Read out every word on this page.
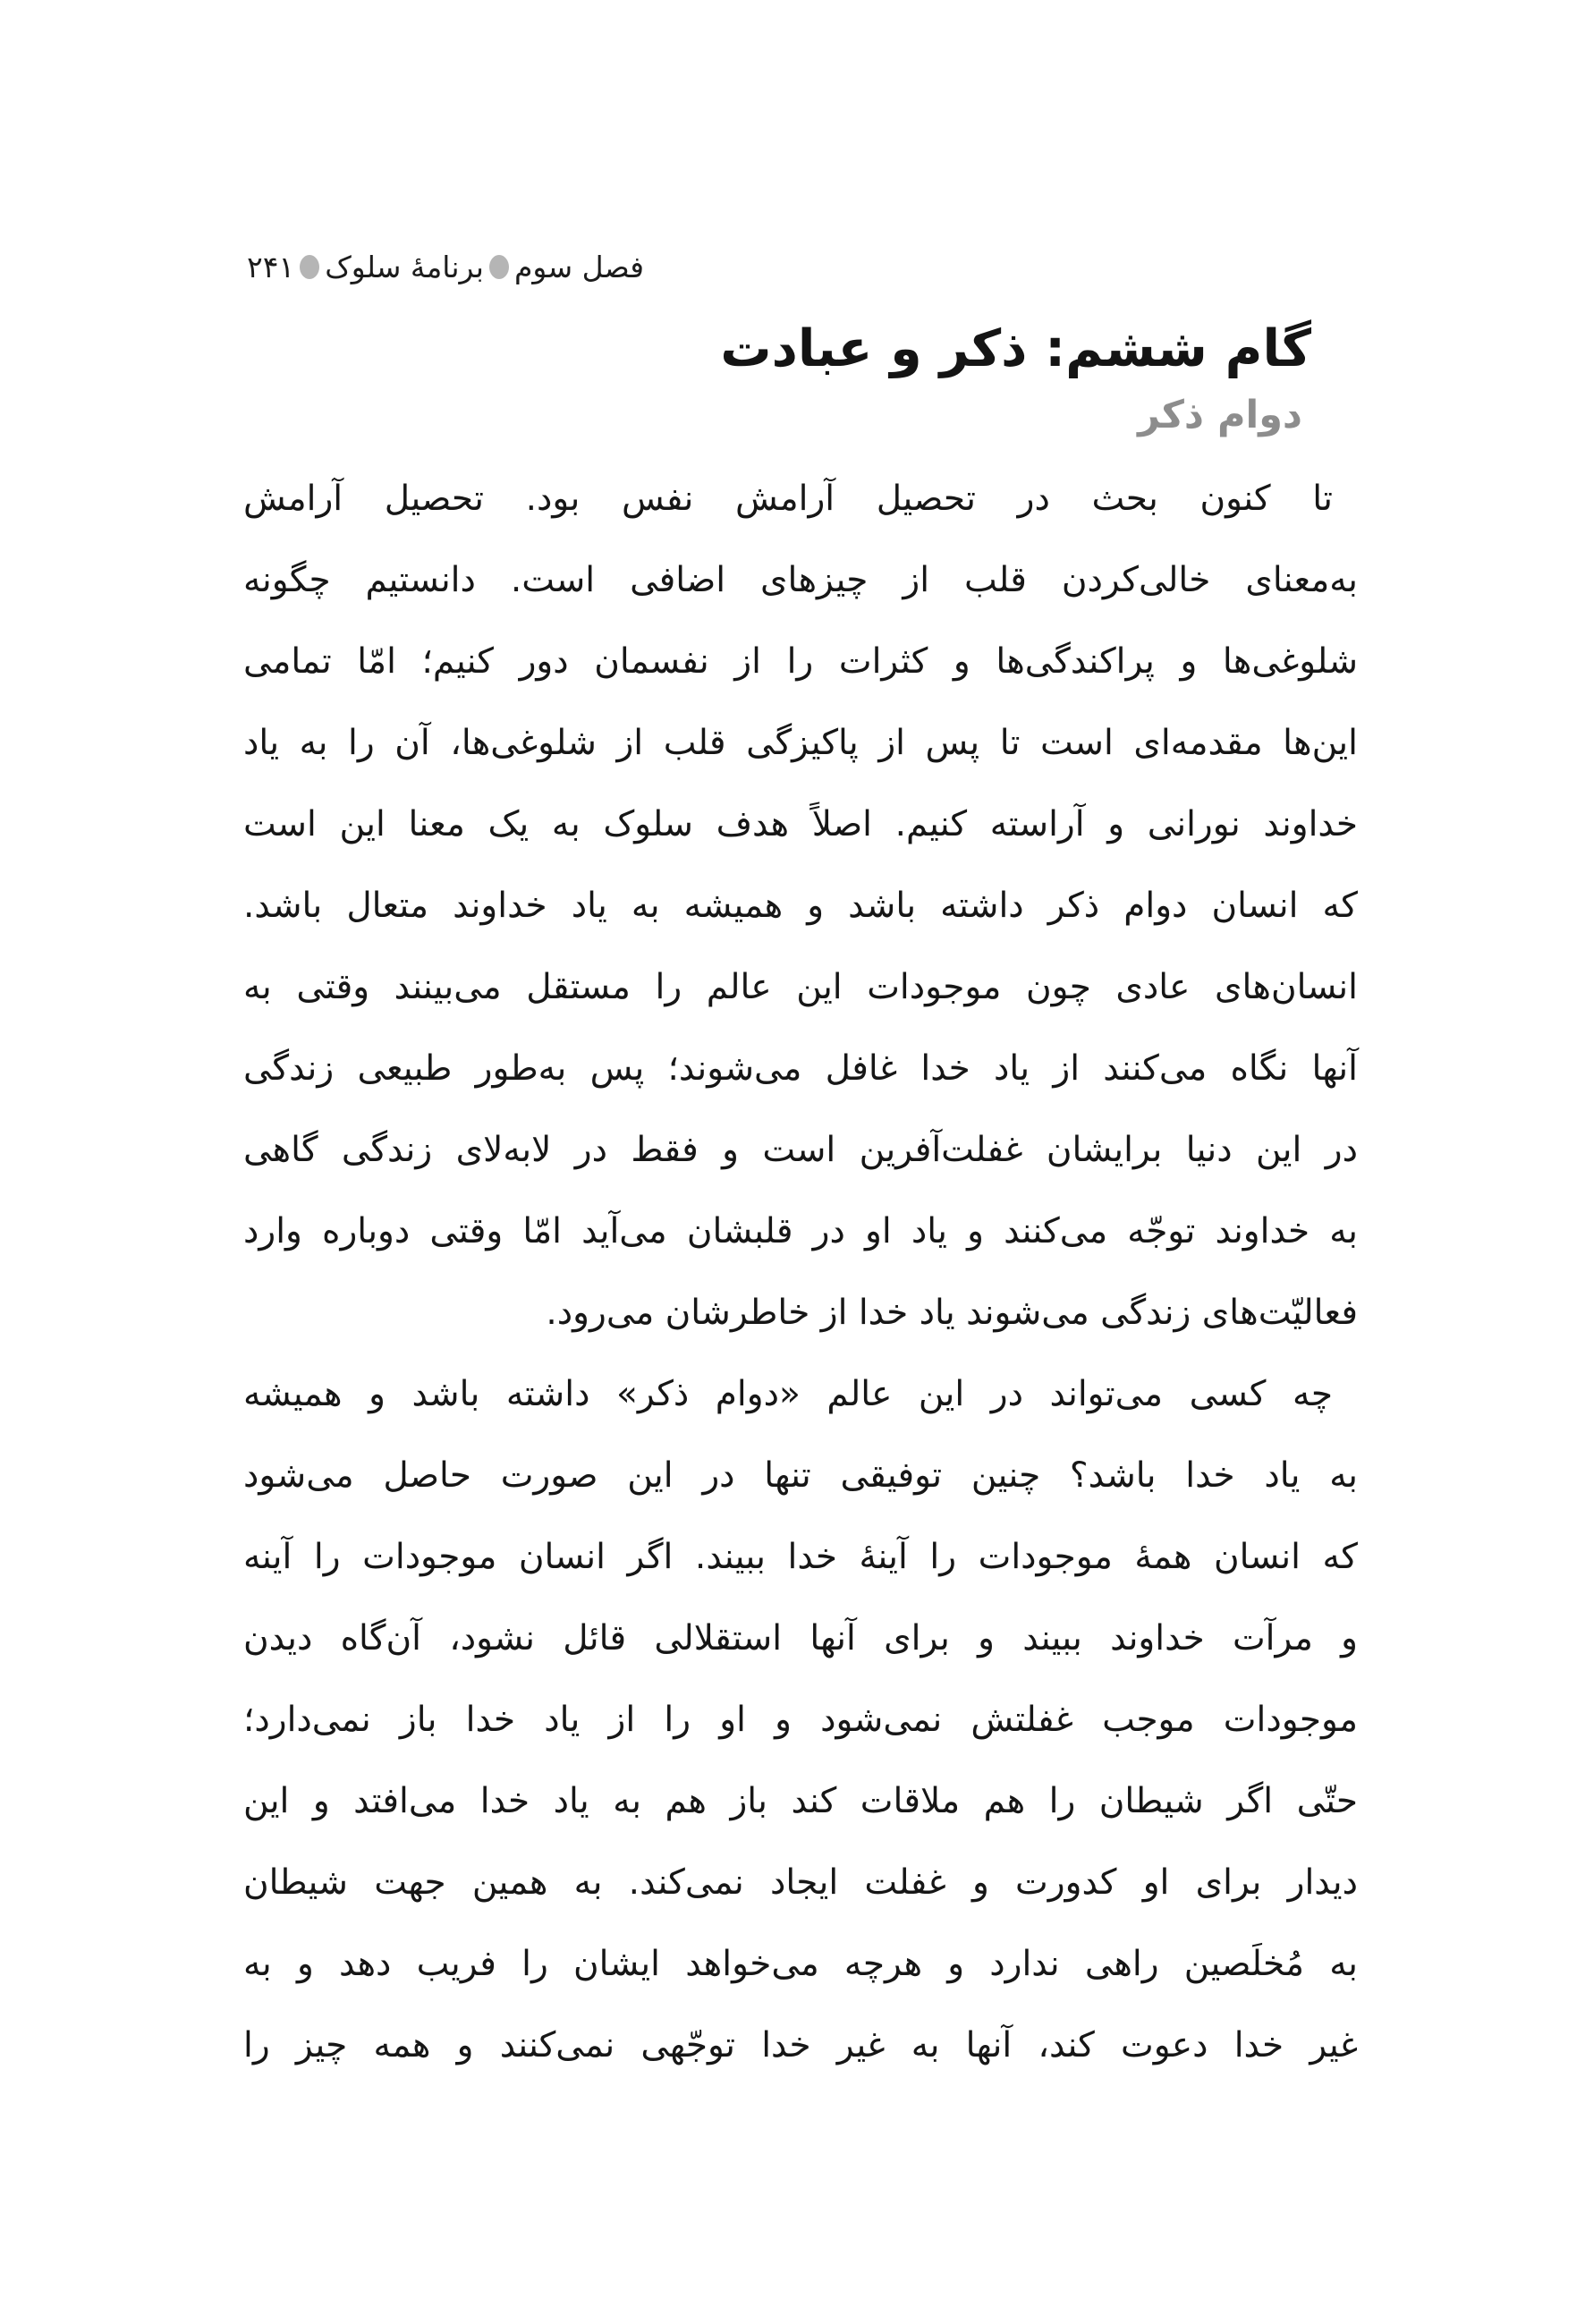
فصل سوم
برنامهٔ سلوک
۲۴۱
گام ششم: ذکر و عبادت
دوام ذکر
تا کنون بحث در تحصیل آرامش نفس بود. تحصیل آرامش
به‌معنای خالی‌کردن قلب از چیزهای اضافی است. دانستیم چگونه
شلوغی‌ها و پراکندگی‌ها و کثرات را از نفسمان دور کنیم؛ امّا تمامی
این‌ها مقدمه‌ای است تا پس از پاکیزگی قلب از شلوغی‌ها، آن را به یاد
خداوند نورانی و آراسته کنیم. اصلاً هدف سلوک به یک معنا این است
که انسان دوام ذکر داشته باشد و همیشه به یاد خداوند متعال باشد.
انسان‌های عادی چون موجودات این عالم را مستقل می‌بینند وقتی به
آنها نگاه می‌کنند از یاد خدا غافل می‌شوند؛ پس به‌طور طبیعی زندگی
در این دنیا برایشان غفلت‌آفرین است و فقط در لابه‌لای زندگی گاهی
به خداوند توجّه می‌کنند و یاد او در قلبشان می‌آید امّا وقتی دوباره وارد
فعالیّت‌های زندگی می‌شوند یاد خدا از خاطرشان می‌رود.
چه کسی می‌تواند در این عالم «دوام ذکر» داشته باشد و همیشه
به یاد خدا باشد؟ چنین توفیقی تنها در این صورت حاصل می‌شود
که انسان همهٔ موجودات را آینهٔ خدا ببیند. اگر انسان موجودات را آینه
و مرآت خداوند ببیند و برای آنها استقلالی قائل نشود، آن‌گاه دیدن
موجودات موجب غفلتش نمی‌شود و او را از یاد خدا باز نمی‌دارد؛
حتّی اگر شیطان را هم ملاقات کند باز هم به یاد خدا می‌افتد و این
دیدار برای او کدورت و غفلت ایجاد نمی‌کند. به همین جهت شیطان
به مُخلَصین راهی ندارد و هرچه می‌خواهد ایشان را فریب دهد و به
غیر خدا دعوت کند، آنها به غیر خدا توجّهی نمی‌کنند و همه چیز را
